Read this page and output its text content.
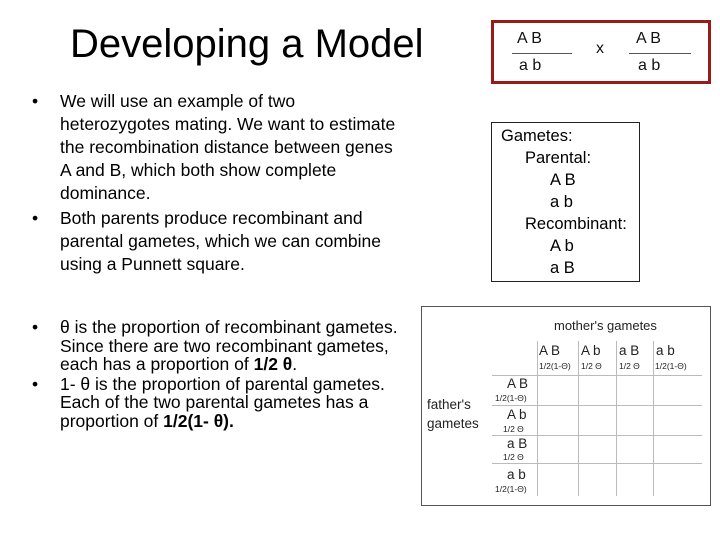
Developing a Model
• We will use an example of two heterozygotes mating. We want to estimate the recombination distance between genes A and B, which both show complete dominance.
• Both parents produce recombinant and parental gametes, which we can combine using a Punnett square.
• θ is the proportion of recombinant gametes. Since there are two recombinant gametes, each has a proportion of 1/2 θ.
• 1- θ is the proportion of parental gametes. Each of the two parental gametes has a proportion of 1/2(1- θ).
A B
a b
x
A B
a b
Gametes:
Parental:
A B
a b
Recombinant:
A b
a B
mother's gametes
father's
gametes
A B
1/2(1-Θ)
A b
1/2 Θ
a B
1/2 Θ
a b
1/2(1-Θ)
A B
1/2(1-Θ)
A b
1/2 Θ
a B
1/2 Θ
a b
1/2(1-Θ)
